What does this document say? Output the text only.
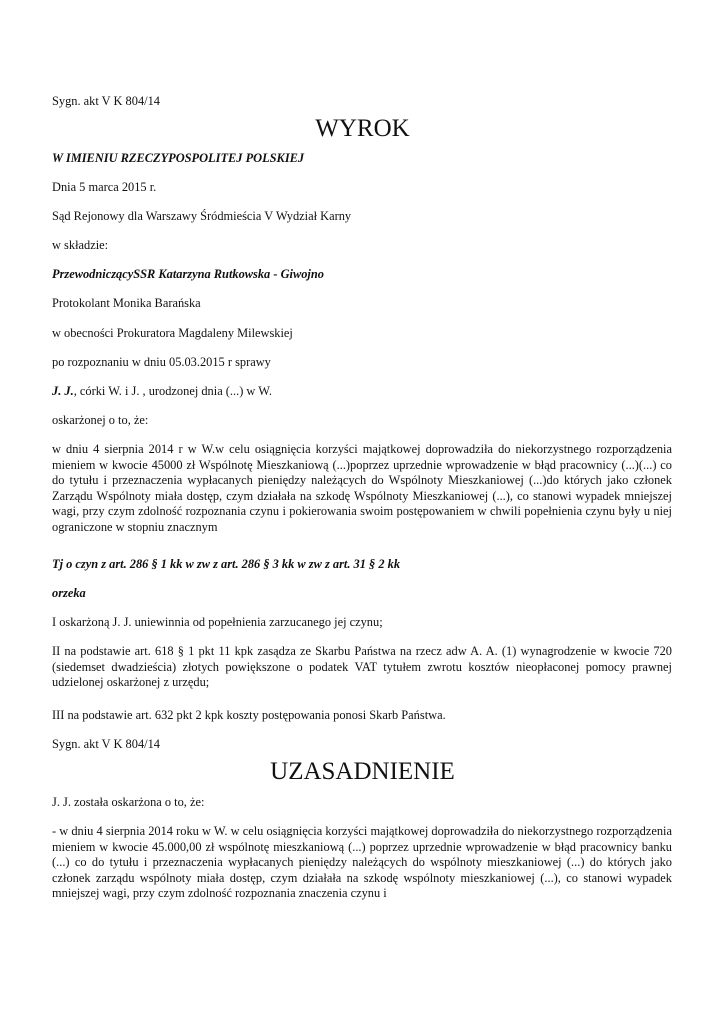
Sygn. akt V K 804/14

WYROK

W IMIENIU RZECZYPOSPOLITEJ POLSKIEJ

Dnia 5 marca 2015 r.

Sąd Rejonowy dla Warszawy Śródmieścia V Wydział Karny

w składzie:

PrzewodniczącySSR Katarzyna Rutkowska - Giwojno

Protokolant Monika Barańska

w obecności Prokuratora Magdaleny Milewskiej

po rozpoznaniu w dniu 05.03.2015 r sprawy

J. J., córki W. i J. , urodzonej dnia (...) w W.

oskarżonej o to, że:

w dniu 4 sierpnia 2014 r w W.w celu osiągnięcia korzyści majątkowej doprowadziła do niekorzystnego rozporządzenia mieniem w kwocie 45000 zł Wspólnotę Mieszkaniową (...)poprzez uprzednie wprowadzenie w błąd pracownicy (...)(...) co do tytułu i przeznaczenia wypłacanych pieniędzy należących do Wspólnoty Mieszkaniowej (...)do których jako członek Zarządu Wspólnoty miała dostęp, czym działała na szkodę Wspólnoty Mieszkaniowej (...), co stanowi wypadek mniejszej wagi, przy czym zdolność rozpoznania czynu i pokierowania swoim postępowaniem w chwili popełnienia czynu były u niej ograniczone w stopniu znacznym

Tj o czyn z art. 286 § 1 kk w zw z art. 286 § 3 kk w zw z art. 31 § 2 kk

orzeka

I oskarżoną J. J. uniewinnia od popełnienia zarzucanego jej czynu;

II na podstawie art. 618 § 1 pkt 11 kpk zasądza ze Skarbu Państwa na rzecz adw A. A. (1) wynagrodzenie w kwocie 720 (siedemset dwadzieścia) złotych powiększone o podatek VAT tytułem zwrotu kosztów nieopłaconej pomocy prawnej udzielonej oskarżonej z urzędu;

III na podstawie art. 632 pkt 2 kpk koszty postępowania ponosi Skarb Państwa.

Sygn. akt V K 804/14

UZASADNIENIE

J. J. została oskarżona o to, że:

- w dniu 4 sierpnia 2014 roku w W. w celu osiągnięcia korzyści majątkowej doprowadziła do niekorzystnego rozporządzenia mieniem w kwocie 45.000,00 zł wspólnotę mieszkaniową (...) poprzez uprzednie wprowadzenie w błąd pracownicy banku (...) co do tytułu i przeznaczenia wypłacanych pieniędzy należących do wspólnoty mieszkaniowej (...) do których jako członek zarządu wspólnoty miała dostęp, czym działała na szkodę wspólnoty mieszkaniowej (...), co stanowi wypadek mniejszej wagi, przy czym zdolność rozpoznania znaczenia czynu i
